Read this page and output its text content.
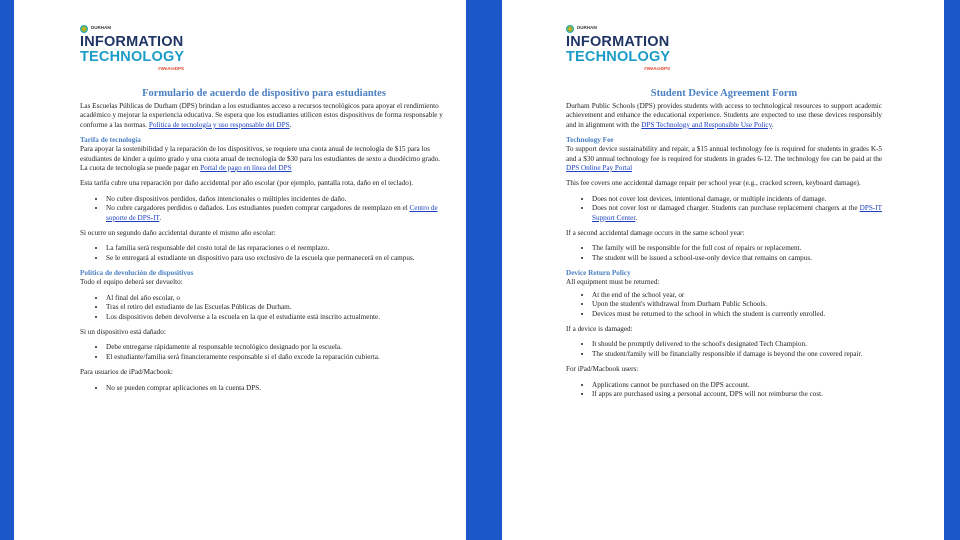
DURHAM
INFORMATION
TECHNOLOGY
#WeAreDPS
Formulario de acuerdo de dispositivo para estudiantes

Las Escuelas Públicas de Durham (DPS) brindan a los estudiantes acceso a recursos tecnológicos para apoyar el rendimiento académico y mejorar la experiencia educativa. Se espera que los estudiantes utilicen estos dispositivos de forma responsable y conforme a las normas. Política de tecnología y uso responsable del DPS.

Tarifa de tecnología

Para apoyar la sostenibilidad y la reparación de los dispositivos, se requiere una cuota anual de tecnología de $15 para los estudiantes de kinder a quinto grado y una cuota anual de tecnología de $30 para los estudiantes de sexto a duodécimo grado. La cuota de tecnología se puede pagar en Portal de pago en línea del DPS

Esta tarifa cubre una reparación por daño accidental por año escolar (por ejemplo, pantalla rota, daño en el teclado).

• No cubre dispositivos perdidos, daños intencionales o múltiples incidentes de daño.
• No cubre cargadores perdidos o dañados. Los estudiantes pueden comprar cargadores de reemplazo en el Centro de soporte de DPS-IT.

Si ocurre un segundo daño accidental durante el mismo año escolar:

• La familia será responsable del costo total de las reparaciones o el reemplazo.
• Se le entregará al estudiante un dispositivo para uso exclusivo de la escuela que permanecerá en el campus.
Política de devolución de dispositivos

Todo el equipo deberá ser devuelto:

• Al final del año escolar, o
• Tras el retiro del estudiante de las Escuelas Públicas de Durham.
• Los dispositivos deben devolverse a la escuela en la que el estudiante está inscrito actualmente.

Si un dispositivo está dañado:

• Debe entregarse rápidamente al responsable tecnológico designado por la escuela.
• El estudiante/familia será financieramente responsable si el daño excede la reparación cubierta.

Para usuarios de iPad/Macbook:

• No se pueden comprar aplicaciones en la cuenta DPS.
DURHAM
INFORMATION
TECHNOLOGY
#WeAreDPS
Student Device Agreement Form

Durham Public Schools (DPS) provides students with access to technological resources to support academic achievement and enhance the educational experience. Students are expected to use these devices responsibly and in alignment with the DPS Technology and Responsible Use Policy.

Technology Fee

To support device sustainability and repair, a $15 annual technology fee is required for students in grades K-5 and a $30 annual technology fee is required for students in grades 6-12. The technology fee can be paid at the DPS Online Pay Portal

This fee covers one accidental damage repair per school year (e.g., cracked screen, keyboard damage).

• Does not cover lost devices, intentional damage, or multiple incidents of damage.
• Does not cover lost or damaged charger. Students can purchase replacement chargers at the DPS-IT Support Center.

If a second accidental damage occurs in the same school year:

• The family will be responsible for the full cost of repairs or replacement.
• The student will be issued a school-use-only device that remains on campus.
Device Return Policy

All equipment must be returned:

• At the end of the school year, or
• Upon the student's withdrawal from Durham Public Schools.
• Devices must be returned to the school in which the student is currently enrolled.

If a device is damaged:

• It should be promptly delivered to the school's designated Tech Champion.
• The student/family will be financially responsible if damage is beyond the one covered repair.

For iPad/Macbook users:

• Applications cannot be purchased on the DPS account.
• If apps are purchased using a personal account, DPS will not reimburse the cost.
